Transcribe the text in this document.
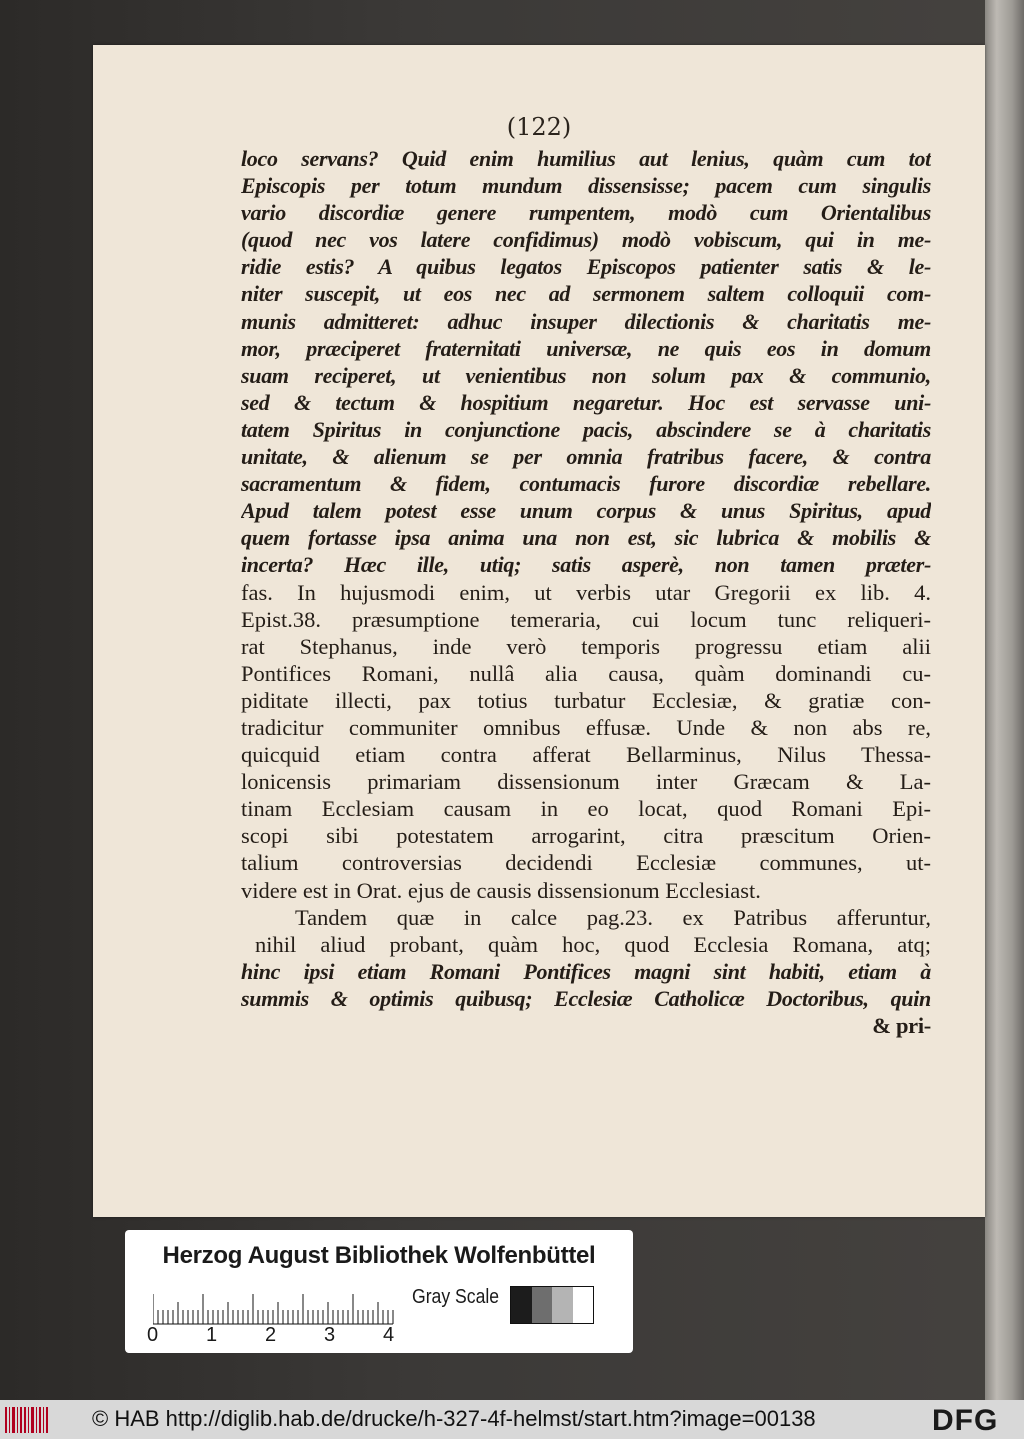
(122)
loco servans? Quid enim humilius aut lenius, quàm cum tot
Episcopis per totum mundum dissensisse; pacem cum singulis
vario discordiæ genere rumpentem, modò cum Orientalibus
(quod nec vos latere confidimus) modò vobiscum, qui in me-
ridie estis? A quibus legatos Episcopos patienter satis & le-
niter suscepit, ut eos nec ad sermonem saltem colloquii com-
munis admitteret: adhuc insuper dilectionis & charitatis me-
mor, præciperet fraternitati universæ, ne quis eos in domum
suam reciperet, ut venientibus non solum pax & communio,
sed & tectum & hospitium negaretur. Hoc est servasse uni-
tatem Spiritus in conjunctione pacis, abscindere se à charitatis
unitate, & alienum se per omnia fratribus facere, & contra
sacramentum & fidem, contumacis furore discordiæ rebellare.
Apud talem potest esse unum corpus & unus Spiritus, apud
quem fortasse ipsa anima una non est, sic lubrica & mobilis &
incerta? Hæc ille, utiq; satis asperè, non tamen præter-
fas. In hujusmodi enim, ut verbis utar Gregorii ex lib. 4.
Epist.38. præsumptione temeraria, cui locum tunc reliqueri-
rat Stephanus, inde verò temporis progressu etiam alii
Pontifices Romani, nullâ alia causa, quàm dominandi cu-
piditate illecti, pax totius turbatur Ecclesiæ, & gratiæ con-
tradicitur communiter omnibus effusæ. Unde & non abs re,
quicquid etiam contra afferat Bellarminus, Nilus Thessa-
lonicensis primariam dissensionum inter Græcam & La-
tinam Ecclesiam causam in eo locat, quod Romani Epi-
scopi sibi potestatem arrogarint, citra præscitum Orien-
talium controversias decidendi Ecclesiæ communes, ut-
videre est in Orat. ejus de causis dissensionum Ecclesiast.
Tandem quæ in calce pag.23. ex Patribus afferuntur,
nihil aliud probant, quàm hoc, quod Ecclesia Romana, atq;
hinc ipsi etiam Romani Pontifices magni sint habiti, etiam à
summis & optimis quibusq; Ecclesiæ Catholicæ Doctoribus, quin
& pri-
Herzog August Bibliothek Wolfenbüttel
0 1 2 3 4
Gray Scale
© HAB http://diglib.hab.de/drucke/h-327-4f-helmst/start.htm?image=00138	DFG
